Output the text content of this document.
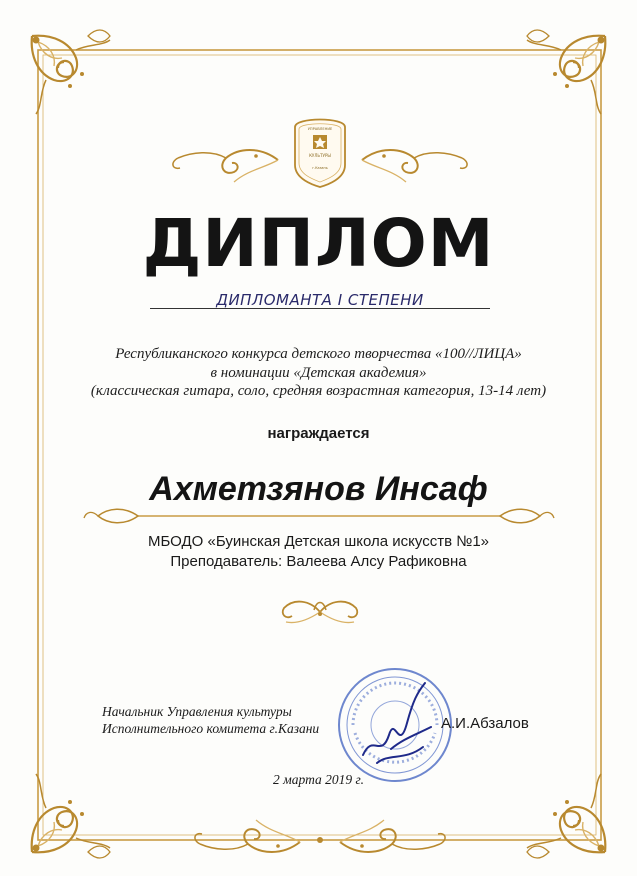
УПРАВЛЕНИЕ
КУЛЬТУРЫ
г.Казань
ДИПЛОМ
ДИПЛОМАНТА I СТЕПЕНИ
Республиканского конкурса детского творчества «100//ЛИЦА»
в номинации «Детская академия»
(классическая гитара, соло, средняя возрастная категория, 13-14 лет)
награждается
Ахметзянов Инсаф
МБОДО «Буинская Детская школа искусств №1»
Преподаватель: Валеева Алсу Рафиковна
Начальник Управления культуры
Исполнительного комитета г.Казани	А.И.Абзалов
2 марта 2019 г.
